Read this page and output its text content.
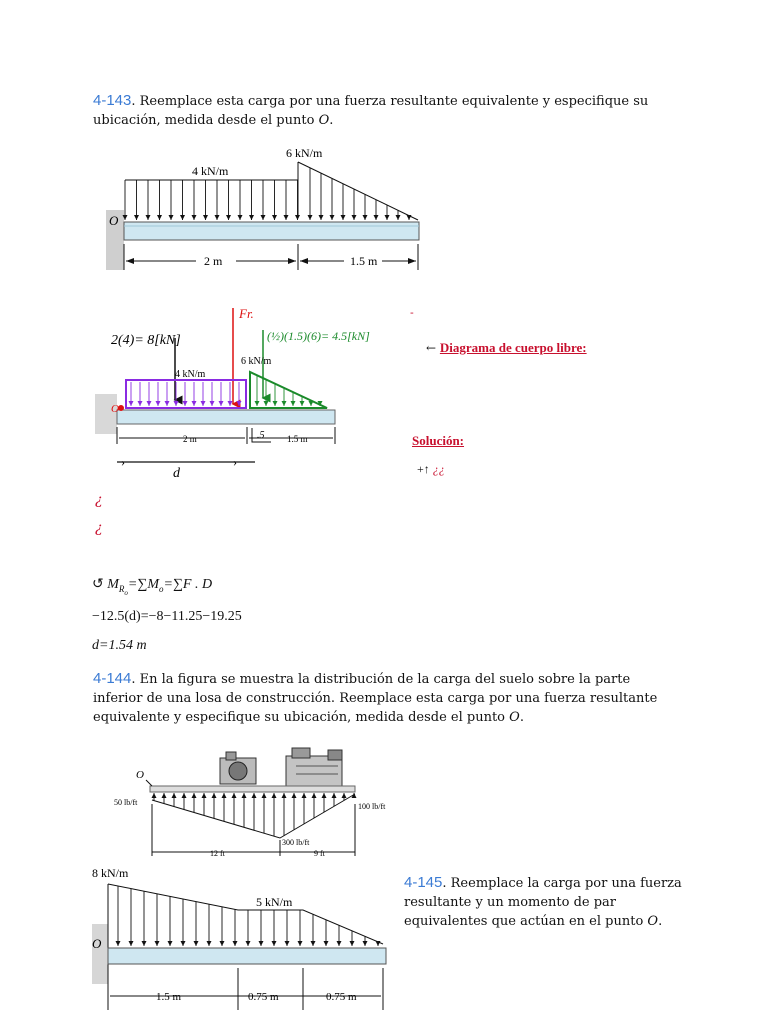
4-143. Reemplace esta carga por una fuerza resultante equivalente y especifique su ubicación, medida desde el punto O.
O
4 kN/m
6 kN/m
2 m	1.5 m
2(4)= 8[kN]
Fr.
(½)(1.5)(6)= 4.5[kN]
6 kN/m
4 kN/m
O
2 m	.5	1.5 m
›	›
d
-
← Diagrama de cuerpo libre:
Solución:
+↑ ¿¿
¿
¿
↺ $M_{R_o}=\sum M_o=\sum F$ . D
−12.5(d)=−8−11.25−19.25
d=1.54 m
4-144. En la figura se muestra la distribución de la carga del suelo sobre la parte inferior de una losa de construcción. Reemplace esta carga por una fuerza resultante equivalente y especifique su ubicación, medida desde el punto O.
O
50 lb/ft	100 lb/ft
300 lb/ft
12 ft	9 ft
8 kN/m
5 kN/m
O
1.5 m	0.75 m	0.75 m
4-145. Reemplace la carga por una fuerza resultante y un momento de par equivalentes que actúan en el punto O.
